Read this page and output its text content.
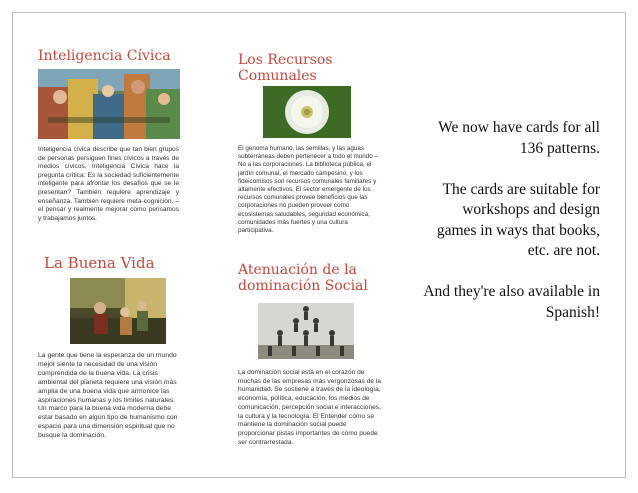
Inteligencia Cívica
Inteligencia cívica describe que tan bien grupos de personas persiguen fines cívicos a través de medios cívicos. Inteligencia Cívica hace la pregunta crítica: Es la sociedad suficientemente inteligente para afrontar los desafíos que se le presentan? También requiere aprendizaje y enseñanza. También requiere meta-cognición. – el pensar y realmente mejorar como pensamos y trabajamos juntos.
Los Recursos Comunales
El genoma humano, las semillas, y las aguas subterráneas deben pertenecer a todo el mundo – No a las corporaciones. La biblioteca pública, el jardín comunal, el mercado campesino, y los fideicomisos son recursos comunales familiares y altamente efectivos. El sector emergente de los recursos comunales provee beneficios que las corporaciones no pueden proveer como ecosistemas saludables, seguridad económica, comunidades más fuertes y una cultura participativa.
La Buena Vida
La gente que tiene la esperanza de un mundo mejor siente la necesidad de una visión comprendida de la buena vida. La crisis ambiental del planeta requiere una visión más amplia de una buena vida que armonice las aspiraciones humanas y los límites naturales. Un marco para la buena vida moderna debe estar basado en algún tipo de humanismo con espacio para una dimensión espiritual que no busque la dominación.
Atenuación de la dominación Social
La dominación social está en el corazón de muchas de las empresas más vergonzosas de la humanidad. Se sostiene a través de la ideología, economía, política, educación, los medios de comunicación, percepción social e interacciones, la cultura y la tecnología. El Entender cómo se mantiene la dominación social puede proporcionar pistas importantes de cómo puede ser contrarrestada.

We now have cards for all 136 patterns.

The cards are suitable for workshops and design games in ways that books, etc. are not.

And they're also available in Spanish!
